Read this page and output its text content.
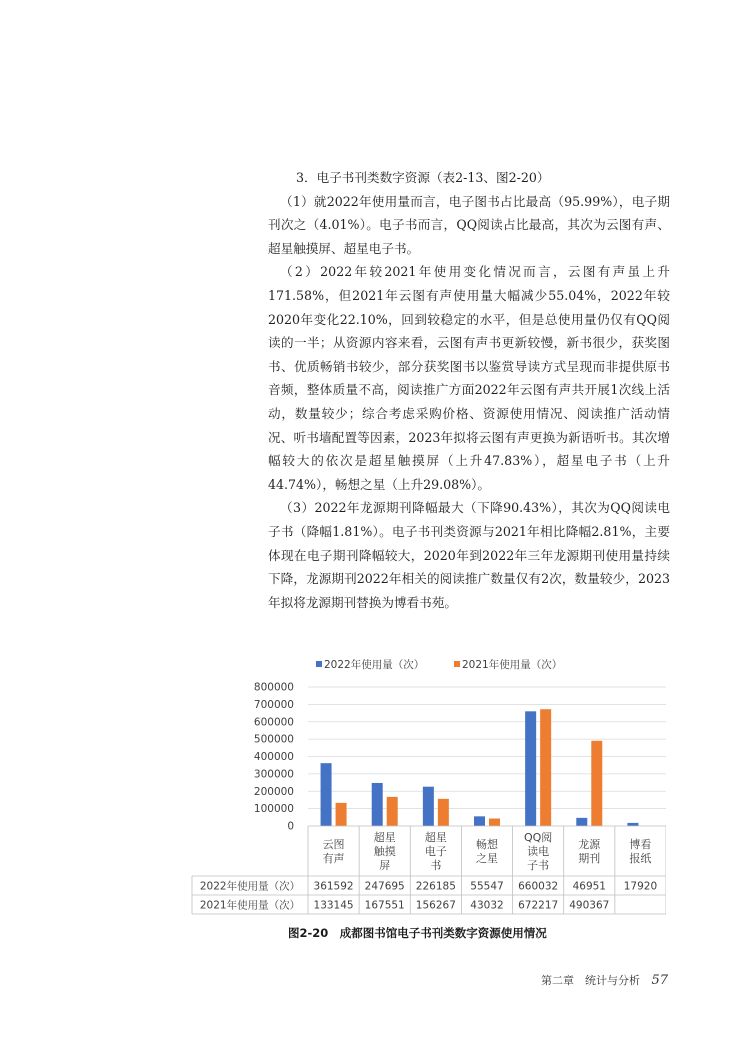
3．电子书刊类数字资源（表2-13、图2-20）

（1）就2022年使用量而言，电子图书占比最高（95.99%），电子期刊次之（4.01%）。电子书而言，QQ阅读占比最高，其次为云图有声、超星触摸屏、超星电子书。

（2）2022年较2021年使用变化情况而言，云图有声虽上升171.58%，但2021年云图有声使用量大幅减少55.04%，2022年较2020年变化22.10%，回到较稳定的水平，但是总使用量仍仅有QQ阅读的一半；从资源内容来看，云图有声书更新较慢，新书很少，获奖图书、优质畅销书较少，部分获奖图书以鉴赏导读方式呈现而非提供原书音频，整体质量不高，阅读推广方面2022年云图有声共开展1次线上活动，数量较少；综合考虑采购价格、资源使用情况、阅读推广活动情况、听书墙配置等因素，2023年拟将云图有声更换为新语听书。其次增幅较大的依次是超星触摸屏（上升47.83%），超星电子书（上升44.74%），畅想之星（上升29.08%）。

（3）2022年龙源期刊降幅最大（下降90.43%），其次为QQ阅读电子书（降幅1.81%）。电子书刊类资源与2021年相比降幅2.81%，主要体现在电子期刊降幅较大，2020年到2022年三年龙源期刊使用量持续下降，龙源期刊2022年相关的阅读推广数量仅有2次，数量较少，2023年拟将龙源期刊替换为博看书苑。

800000
700000
600000
500000
400000
300000
200000
100000
0
2022年使用量（次）	2021年使用量（次）
云图
有声
超星
触摸
屏
超星
电子
书
畅想
之星
QQ阅
读电
子书
龙源
期刊
博看
报纸
2022年使用量（次） 361592 247695 226185 55547 660032 46951 17920
2021年使用量（次） 133145 167551 156267 43032 672217 490367
图2-20　成都图书馆电子书刊类数字资源使用情况
第二章　统计与分析 57
